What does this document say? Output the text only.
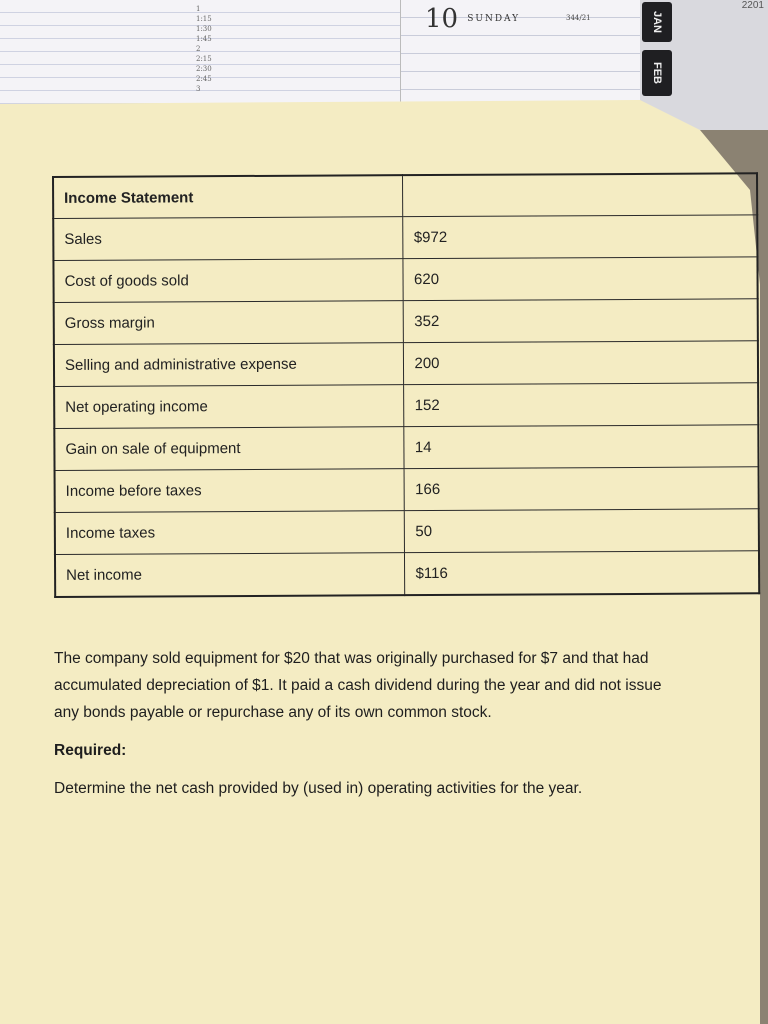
1
1:15
1:30
1:45
2
2:15
2:30
2:45
3
10 SUNDAY	344/21	JAN
FEB
2201
Income Statement	
Sales	$972
Cost of goods sold	620
Gross margin	352
Selling and administrative expense	200
Net operating income	152
Gain on sale of equipment	14
Income before taxes	166
Income taxes	50
Net income	$116

The company sold equipment for $20 that was originally purchased for $7 and that had accumulated depreciation of $1. It paid a cash dividend during the year and did not issue any bonds payable or repurchase any of its own common stock.

Required:

Determine the net cash provided by (used in) operating activities for the year.
